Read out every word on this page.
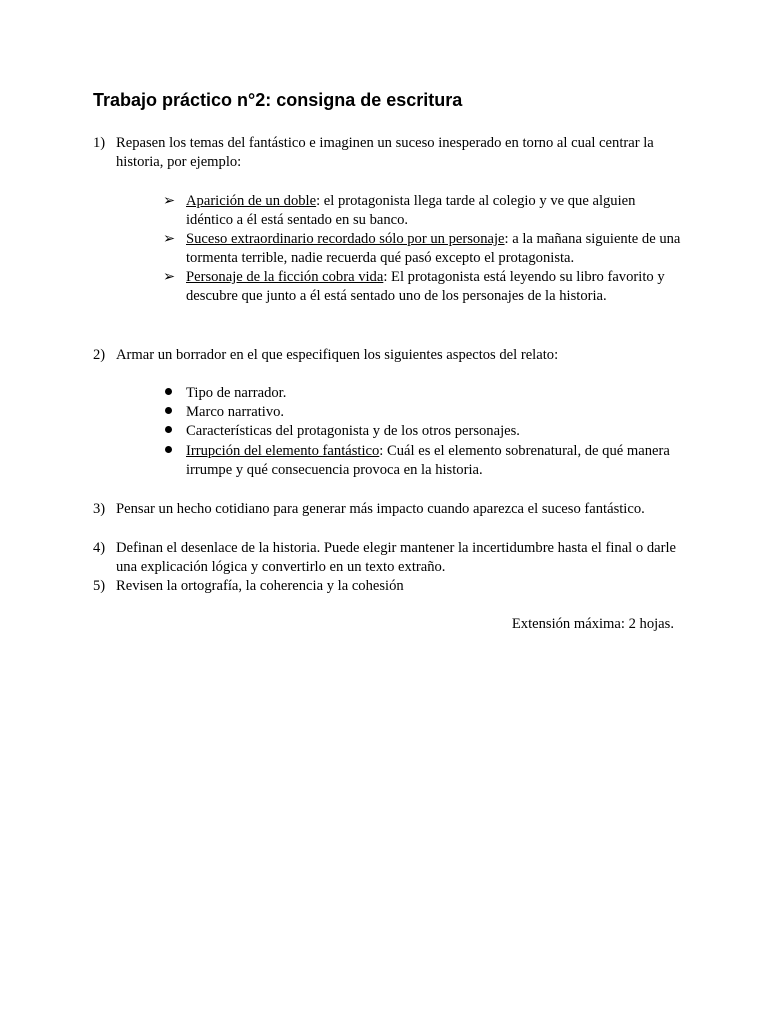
Trabajo práctico n°2: consigna de escritura
1) Repasen los temas del fantástico e imaginen un suceso inesperado en torno al cual centrar la historia, por ejemplo:
➢ Aparición de un doble: el protagonista llega tarde al colegio y ve que alguien idéntico a él está sentado en su banco.
➢ Suceso extraordinario recordado sólo por un personaje: a la mañana siguiente de una tormenta terrible, nadie recuerda qué pasó excepto el protagonista.
➢ Personaje de la ficción cobra vida: El protagonista está leyendo su libro favorito y descubre que junto a él está sentado uno de los personajes de la historia.
2) Armar un borrador en el que especifiquen los siguientes aspectos del relato:
Tipo de narrador.
Marco narrativo.
Características del protagonista y de los otros personajes.
Irrupción del elemento fantástico: Cuál es el elemento sobrenatural, de qué manera irrumpe y qué consecuencia provoca en la historia.
3) Pensar un hecho cotidiano para generar más impacto cuando aparezca el suceso fantástico.
4) Definan el desenlace de la historia. Puede elegir mantener la incertidumbre hasta el final o darle una explicación lógica y convertirlo en un texto extraño.
5) Revisen la ortografía, la coherencia y la cohesión
Extensión máxima: 2 hojas.
